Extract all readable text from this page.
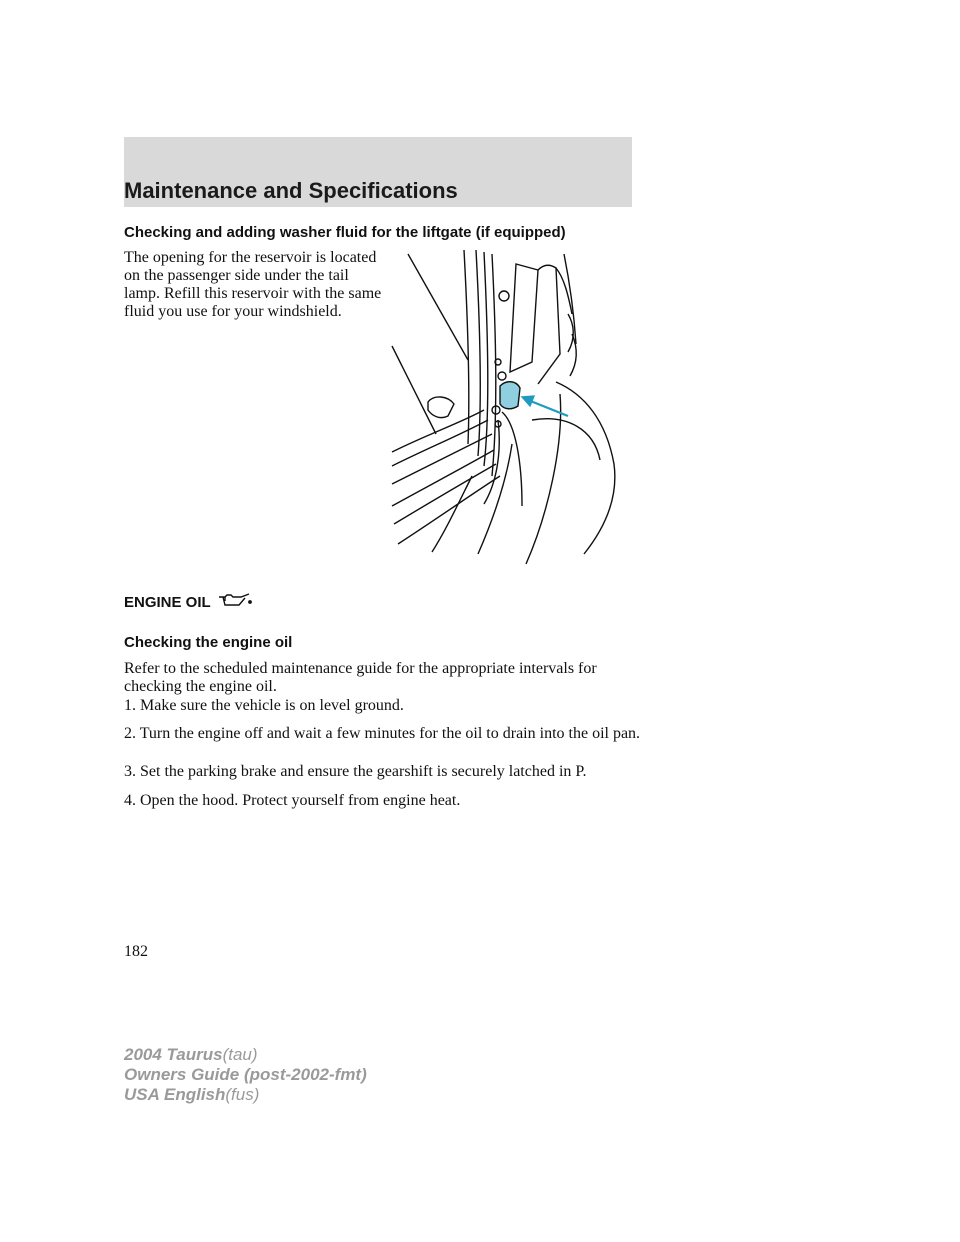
Maintenance and Specifications
Checking and adding washer fluid for the liftgate (if equipped)
The opening for the reservoir is located on the passenger side under the tail lamp. Refill this reservoir with the same fluid you use for your windshield.
ENGINE OIL
Checking the engine oil
Refer to the scheduled maintenance guide for the appropriate intervals for checking the engine oil.
1. Make sure the vehicle is on level ground.
2. Turn the engine off and wait a few minutes for the oil to drain into the oil pan.
3. Set the parking brake and ensure the gearshift is securely latched in P.
4. Open the hood. Protect yourself from engine heat.
182
2004 Taurus(tau)
Owners Guide (post-2002-fmt)
USA English(fus)
